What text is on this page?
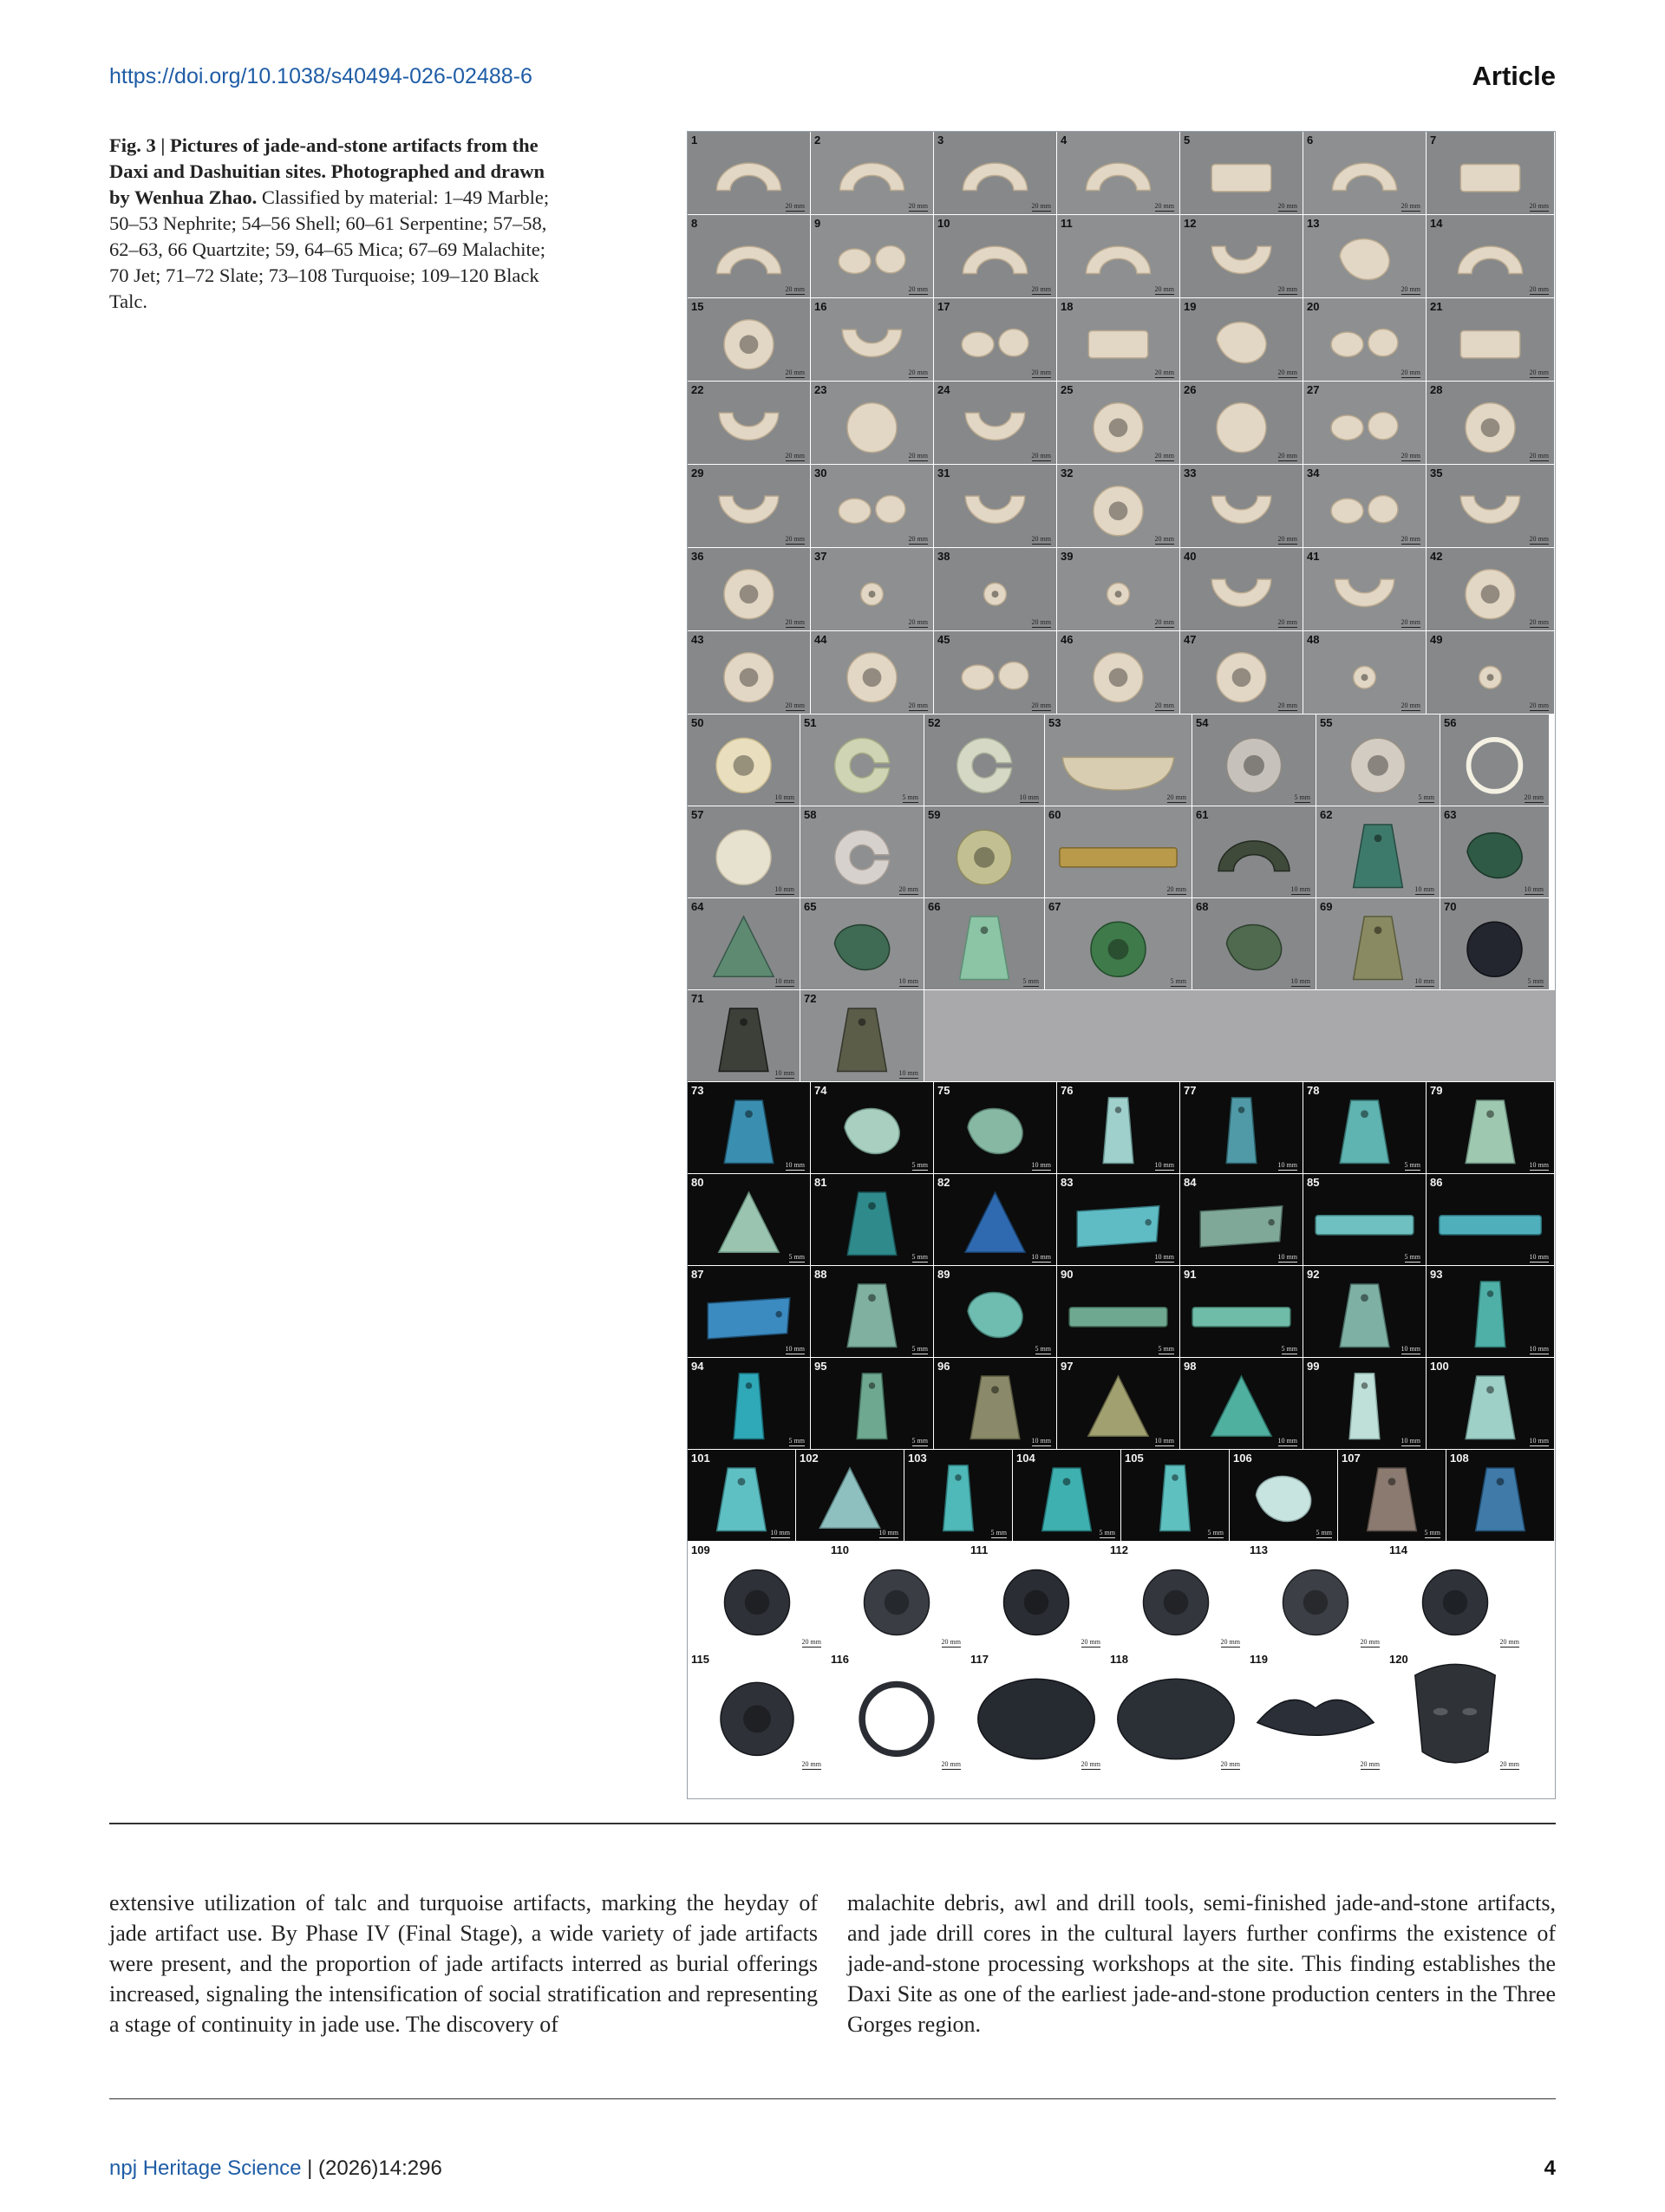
https://doi.org/10.1038/s40494-026-02488-6	Article
Fig. 3 | Pictures of jade-and-stone artifacts from the Daxi and Dashuitian sites. Photographed and drawn by Wenhua Zhao. Classified by material: 1–49 Marble; 50–53 Nephrite; 54–56 Shell; 60–61 Serpentine; 57–58, 62–63, 66 Quartzite; 59, 64–65 Mica; 67–69 Malachite; 70 Jet; 71–72 Slate; 73–108 Turquoise; 109–120 Black Talc.
1
20 mm
2
20 mm
3
20 mm
4
20 mm
5
20 mm
6
20 mm
7
20 mm
8
20 mm
9
20 mm
10
20 mm
11
20 mm
12
20 mm
13
20 mm
14
20 mm
15
20 mm
16
20 mm
17
20 mm
18
20 mm
19
20 mm
20
20 mm
21
20 mm
22
20 mm
23
20 mm
24
20 mm
25
20 mm
26
20 mm
27
20 mm
28
20 mm
29
20 mm
30
20 mm
31
20 mm
32
20 mm
33
20 mm
34
20 mm
35
20 mm
36
20 mm
37
20 mm
38
20 mm
39
20 mm
40
20 mm
41
20 mm
42
20 mm
43
20 mm
44
20 mm
45
20 mm
46
20 mm
47
20 mm
48
20 mm
49
20 mm
50
10 mm
51
5 mm
52
10 mm
53
20 mm
54
5 mm
55
5 mm
56
20 mm
57
10 mm
58
20 mm
59	60
20 mm
61
10 mm
62
10 mm
63
10 mm
64
10 mm
65
10 mm
66
5 mm
67
5 mm
68
10 mm
69
10 mm
70
5 mm
71
10 mm
72
10 mm
73
10 mm
74
5 mm
75
10 mm
76
10 mm
77
10 mm
78
5 mm
79
10 mm
80
5 mm
81
5 mm
82
10 mm
83
10 mm
84
10 mm
85
5 mm
86
10 mm
87
10 mm
88
5 mm
89
5 mm
90
5 mm
91
5 mm
92
10 mm
93
10 mm
94
5 mm
95
5 mm
96
10 mm
97
10 mm
98
10 mm
99
10 mm
100
10 mm
101
10 mm
102
10 mm
103
5 mm
104
5 mm
105
5 mm
106
5 mm
107
5 mm
108
109
20 mm
110
20 mm
111
20 mm
112
20 mm
113
20 mm
114
20 mm
115
20 mm
116
20 mm
117
20 mm
118
20 mm
119
20 mm
120
20 mm
extensive utilization of talc and turquoise artifacts, marking the heyday of jade artifact use. By Phase IV (Final Stage), a wide variety of jade artifacts were present, and the proportion of jade artifacts interred as burial offerings increased, signaling the intensification of social stratification and representing a stage of continuity in jade use. The discovery of
malachite debris, awl and drill tools, semi-finished jade-and-stone artifacts, and jade drill cores in the cultural layers further confirms the existence of jade-and-stone processing workshops at the site. This finding establishes the Daxi Site as one of the earliest jade-and-stone production centers in the Three Gorges region.
npj Heritage Science | (2026)14:296	4
